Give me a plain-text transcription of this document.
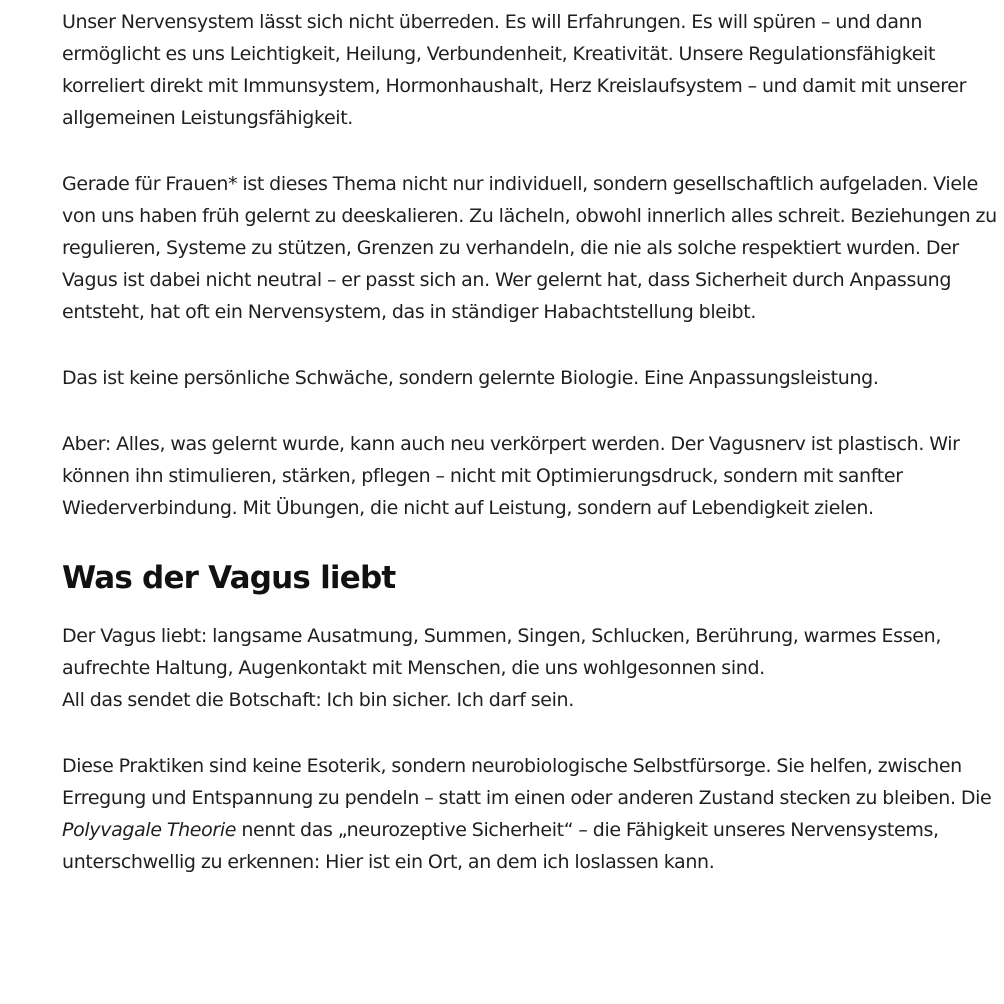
Unser Nervensystem lässt sich nicht überreden. Es will Erfahrungen. Es will spüren – und dann ermöglicht es uns Leichtigkeit, Heilung, Verbundenheit, Kreativität. Unsere Regulationsfähigkeit korreliert direkt mit Immunsystem, Hormonhaushalt, Herz Kreislaufsystem – und damit mit unserer allgemeinen Leistungsfähigkeit.

Gerade für Frauen* ist dieses Thema nicht nur individuell, sondern gesellschaftlich aufgeladen. Viele von uns haben früh gelernt zu deeskalieren. Zu lächeln, obwohl innerlich alles schreit. Beziehungen zu regulieren, Systeme zu stützen, Grenzen zu verhandeln, die nie als solche respektiert wurden. Der Vagus ist dabei nicht neutral – er passt sich an. Wer gelernt hat, dass Sicherheit durch Anpassung entsteht, hat oft ein Nervensystem, das in ständiger Habachtstellung bleibt.

Das ist keine persönliche Schwäche, sondern gelernte Biologie. Eine Anpassungsleistung.

Aber: Alles, was gelernt wurde, kann auch neu verkörpert werden. Der Vagusnerv ist plastisch. Wir können ihn stimulieren, stärken, pflegen – nicht mit Optimierungsdruck, sondern mit sanfter Wiederverbindung. Mit Übungen, die nicht auf Leistung, sondern auf Lebendigkeit zielen.

Was der Vagus liebt

Der Vagus liebt: langsame Ausatmung, Summen, Singen, Schlucken, Berührung, warmes Essen, aufrechte Haltung, Augenkontakt mit Menschen, die uns wohlgesonnen sind.
All das sendet die Botschaft: Ich bin sicher. Ich darf sein.

Diese Praktiken sind keine Esoterik, sondern neurobiologische Selbstfürsorge. Sie helfen, zwischen Erregung und Entspannung zu pendeln – statt im einen oder anderen Zustand stecken zu bleiben. Die Polyvagale Theorie nennt das „neurozeptive Sicherheit“ – die Fähigkeit unseres Nervensystems, unterschwellig zu erkennen: Hier ist ein Ort, an dem ich loslassen kann.
